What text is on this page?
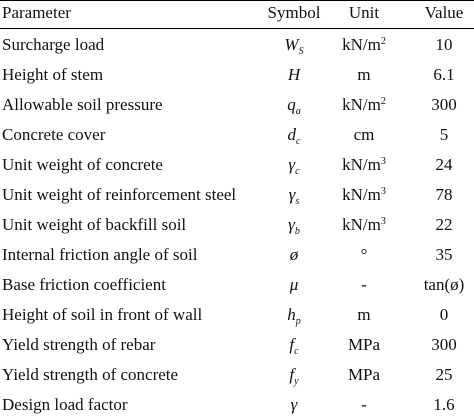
Parameter	Symbol	Unit	Value
Surcharge load	$W_S$	$kN/m^2$	10
Height of stem	H	m	6.1
Allowable soil pressure	$q_a$	$kN/m^2$	300
Concrete cover	$d_c$	cm	5
Unit weight of concrete	$\gamma_c$	$kN/m^3$	24
Unit weight of reinforcement steel	$\gamma_s$	$kN/m^3$	78
Unit weight of backfill soil	$\gamma_b$	$kN/m^3$	22
Internal friction angle of soil	ø	°	35
Base friction coefficient	μ	-	tan(ø)
Height of soil in front of wall	$h_p$	m	0
Yield strength of rebar	$f_c$	MPa	300
Yield strength of concrete	$f_y$	MPa	25
Design load factor	γ	-	1.6
